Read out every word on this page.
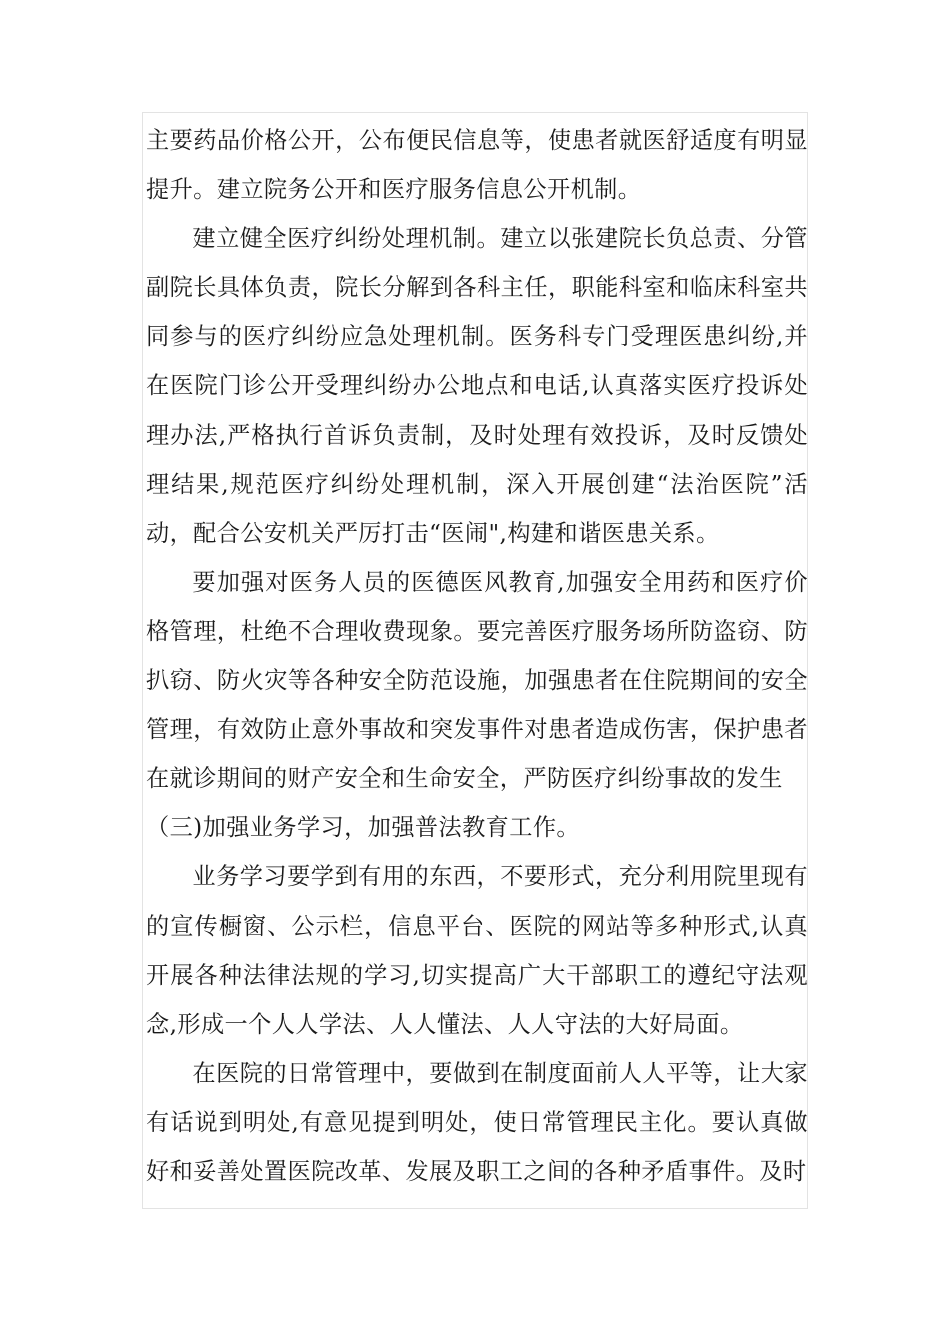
主要药品价格公开，公布便民信息等，使患者就医舒适度有明显提升。建立院务公开和医疗服务信息公开机制。

建立健全医疗纠纷处理机制。建立以张建院长负总责、分管副院长具体负责，院长分解到各科主任，职能科室和临床科室共同参与的医疗纠纷应急处理机制。医务科专门受理医患纠纷,并在医院门诊公开受理纠纷办公地点和电话,认真落实医疗投诉处理办法,严格执行首诉负责制，及时处理有效投诉，及时反馈处理结果,规范医疗纠纷处理机制，深入开展创建“法治医院”活动，配合公安机关严厉打击“医闹",构建和谐医患关系。

要加强对医务人员的医德医风教育,加强安全用药和医疗价格管理，杜绝不合理收费现象。要完善医疗服务场所防盗窃、防扒窃、防火灾等各种安全防范设施，加强患者在住院期间的安全管理，有效防止意外事故和突发事件对患者造成伤害，保护患者在就诊期间的财产安全和生命安全，严防医疗纠纷事故的发生

（三)加强业务学习，加强普法教育工作。

业务学习要学到有用的东西，不要形式，充分利用院里现有的宣传橱窗、公示栏，信息平台、医院的网站等多种形式,认真开展各种法律法规的学习,切实提高广大干部职工的遵纪守法观念,形成一个人人学法、人人懂法、人人守法的大好局面。

在医院的日常管理中，要做到在制度面前人人平等，让大家有话说到明处,有意见提到明处，使日常管理民主化。要认真做好和妥善处置医院改革、发展及职工之间的各种矛盾事件。及时
